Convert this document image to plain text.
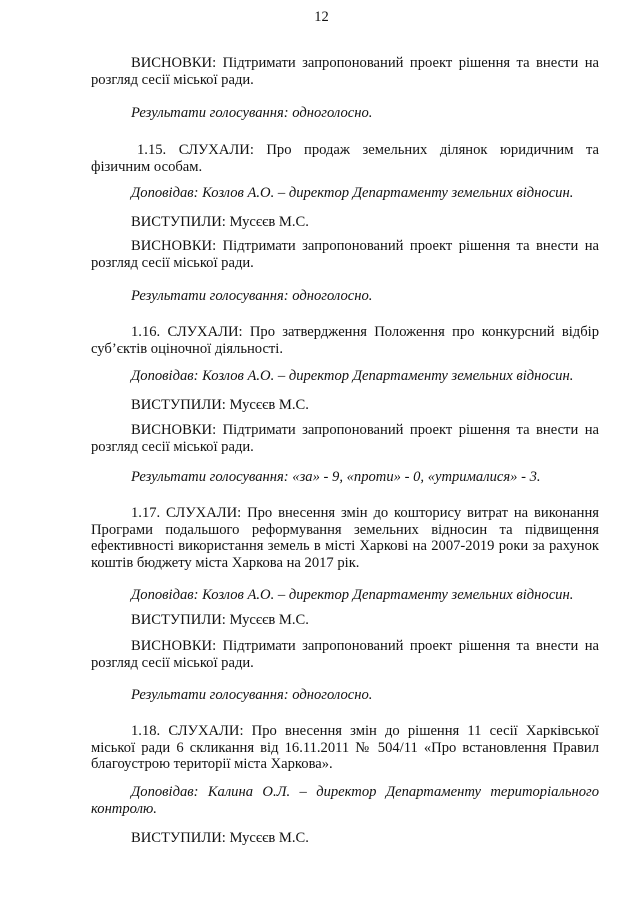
12

ВИСНОВКИ: Підтримати запропонований проект рішення та внести на розгляд сесії міської ради.

Результати голосування: одноголосно.

1.15. СЛУХАЛИ: Про продаж земельних ділянок юридичним та фізичним особам.

Доповідав: Козлов А.О. – директор Департаменту земельних відносин.

ВИСТУПИЛИ: Мусєєв М.С.

ВИСНОВКИ: Підтримати запропонований проект рішення та внести на розгляд сесії міської ради.

Результати голосування: одноголосно.

1.16. СЛУХАЛИ: Про затвердження Положення про конкурсний відбір суб’єктів оціночної діяльності.

Доповідав: Козлов А.О. – директор Департаменту земельних відносин.

ВИСТУПИЛИ: Мусєєв М.С.

ВИСНОВКИ: Підтримати запропонований проект рішення та внести на розгляд сесії міської ради.

Результати голосування: «за» - 9, «проти» - 0, «утрималися» - 3.

1.17. СЛУХАЛИ: Про внесення змін до кошторису витрат на виконання Програми подальшого реформування земельних відносин та підвищення ефективності використання земель в місті Харкові на 2007-2019 роки за рахунок коштів бюджету міста Харкова на 2017 рік.

Доповідав: Козлов А.О. – директор Департаменту земельних відносин.

ВИСТУПИЛИ: Мусєєв М.С.

ВИСНОВКИ: Підтримати запропонований проект рішення та внести на розгляд сесії міської ради.

Результати голосування: одноголосно.

1.18. СЛУХАЛИ: Про внесення змін до рішення 11 сесії Харківської міської ради 6 скликання від 16.11.2011 № 504/11 «Про встановлення Правил благоустрою території міста Харкова».

Доповідав: Калина О.Л. – директор Департаменту територіального контролю.

ВИСТУПИЛИ: Мусєєв М.С.
